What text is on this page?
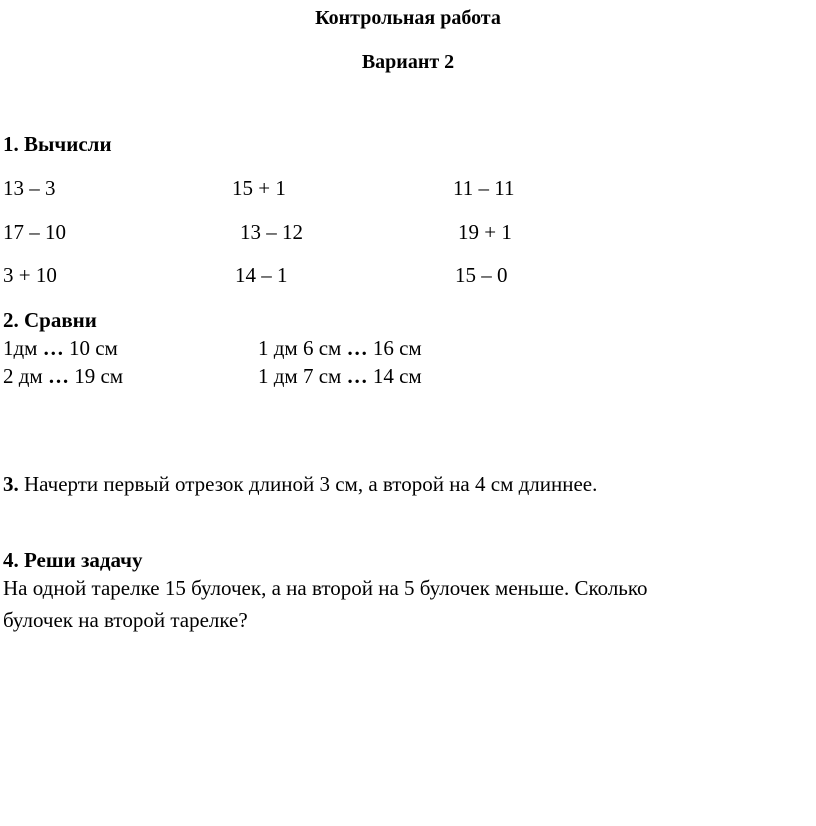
Контрольная работа
Вариант 2
1. Вычисли
13 – 3	15 + 1	11 – 11
17 – 10	13 – 12	19 + 1
3 + 10	14 – 1	15 – 0
2. Сравни
1дм … 10 см	1 дм 6 см … 16 см
2 дм … 19 см	1 дм 7 см … 14 см
3. Начерти первый отрезок длиной 3 см, а второй на 4 см длиннее.
4. Реши задачу
На одной тарелке 15 булочек, а на второй на 5 булочек меньше. Сколько
булочек на второй тарелке?
